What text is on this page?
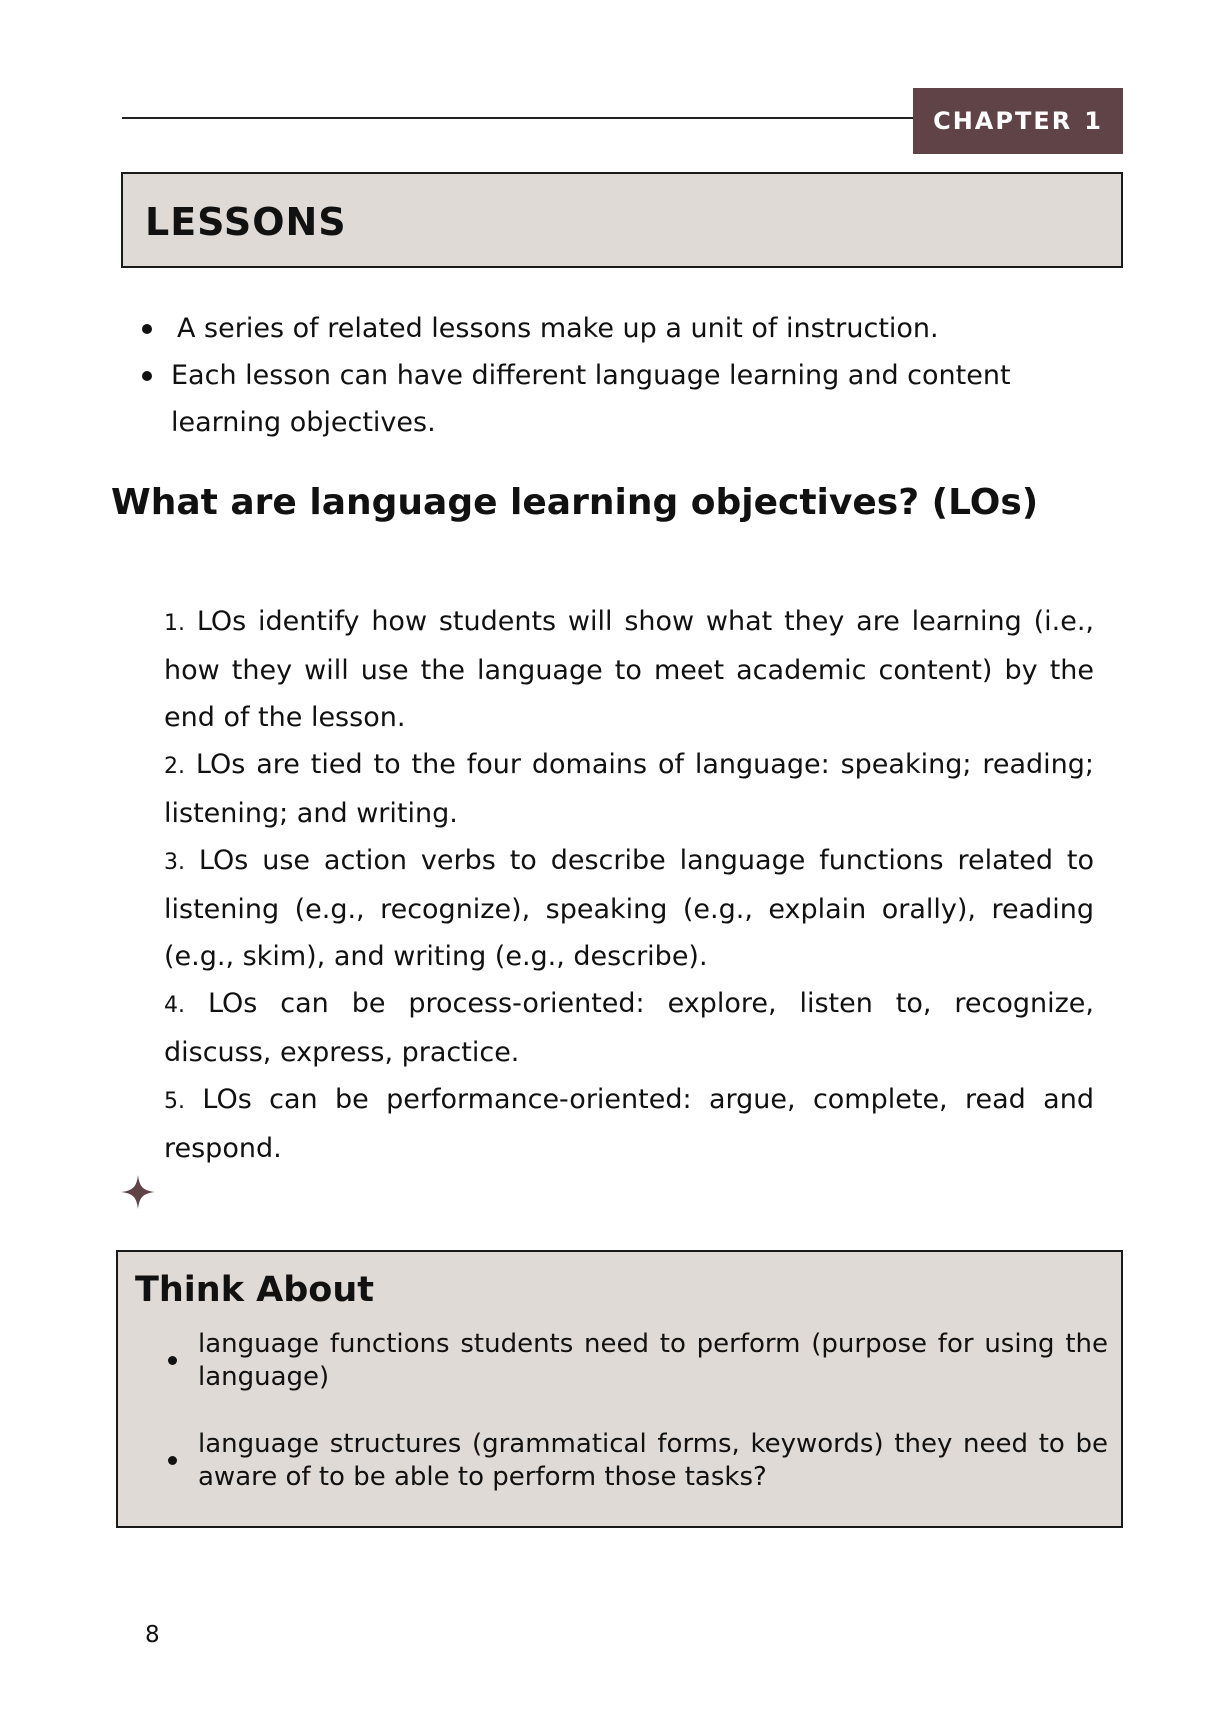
CHAPTER 1
LESSONS
A series of related lessons make up a unit of instruction.
Each lesson can have different language learning and content learning objectives.
What are language learning objectives? (LOs)
1. LOs identify how students will show what they are learning (i.e., how they will use the language to meet academic content) by the end of the lesson.
2. LOs are tied to the four domains of language: speaking; reading; listening; and writing.
3. LOs use action verbs to describe language functions related to listening (e.g., recognize), speaking (e.g., explain orally), reading (e.g., skim), and writing (e.g., describe).
4. LOs can be process-oriented: explore, listen to, recognize, discuss, express, practice.
5. LOs can be performance-oriented: argue, complete, read and respond.
Think About
language functions students need to perform (purpose for using the language)
language structures (grammatical forms, keywords) they need to be aware of to be able to perform those tasks?
8
